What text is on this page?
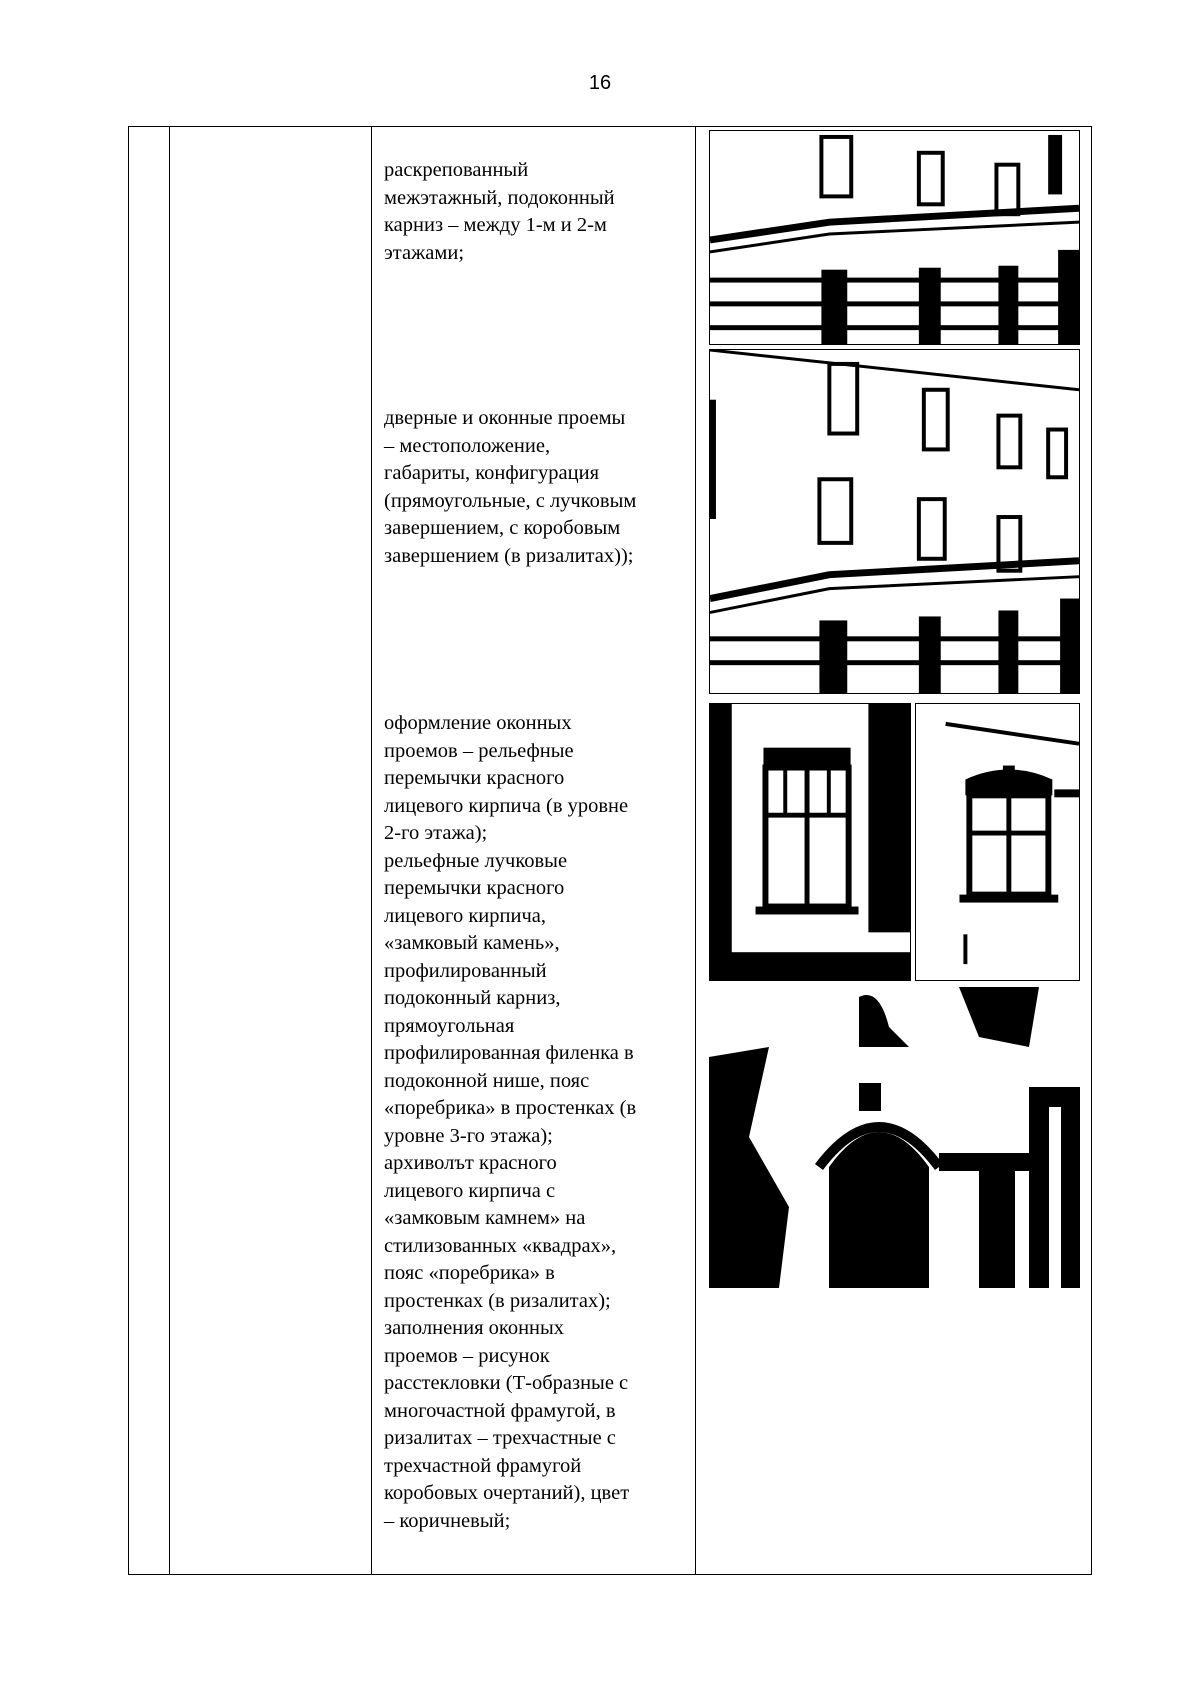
16
раскрепованный
межэтажный, подоконный
карниз – между 1-м и 2-м
этажами;
дверные и оконные проемы
– местоположение,
габариты, конфигурация
(прямоугольные, с лучковым
завершением, с коробовым
завершением (в ризалитах));
оформление оконных
проемов – рельефные
перемычки красного
лицевого кирпича (в уровне
2-го этажа);
рельефные лучковые
перемычки красного
лицевого кирпича,
«замковый камень»,
профилированный
подоконный карниз,
прямоугольная
профилированная филенка в
подоконной нише, пояс
«поребрика» в простенках (в
уровне 3-го этажа);
архиволът красного
лицевого кирпича с
«замковым камнем» на
стилизованных «квадрах»,
пояс «поребрика» в
простенках (в ризалитах);
заполнения оконных
проемов – рисунок
расстекловки (Т-образные с
многочастной фрамугой, в
ризалитах – трехчастные с
трехчастной фрамугой
коробовых очертаний), цвет
– коричневый;
